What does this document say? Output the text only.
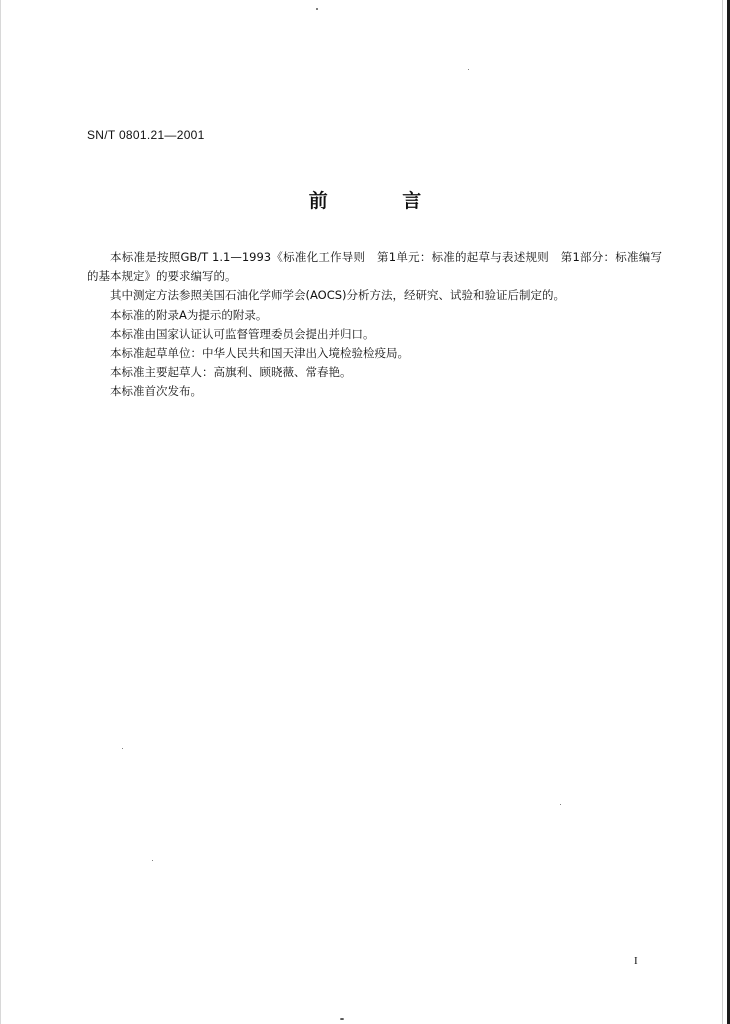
SN/T 0801.21—2001
前 言

本标准是按照GB/T 1.1—1993《标准化工作导则　第1单元：标准的起草与表述规则　第1部分：标准编写的基本规定》的要求编写的。

其中测定方法参照美国石油化学师学会(AOCS)分析方法，经研究、试验和验证后制定的。

本标准的附录A为提示的附录。

本标准由国家认证认可监督管理委员会提出并归口。

本标准起草单位：中华人民共和国天津出入境检验检疫局。

本标准主要起草人：高旗利、顾晓薇、常春艳。

本标准首次发布。

I
